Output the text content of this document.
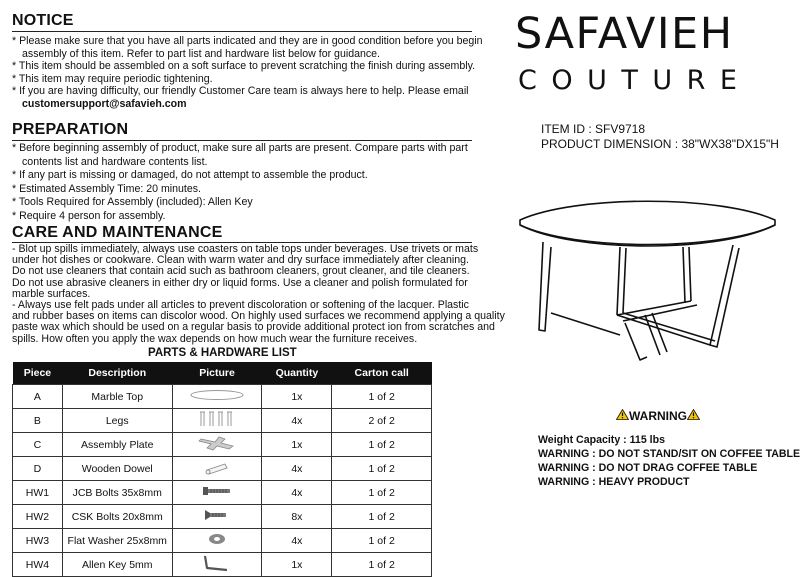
NOTICE
* Please make sure that you have all parts indicated and they are in good condition before you begin
assembly of this item. Refer to part list and hardware list below for guidance.
* This item should be assembled on a soft surface to prevent scratching the finish during assembly.
* This item may require periodic tightening.
* If you are having difficulty, our friendly Customer Care team is always here to help. Please email
customersupport@safavieh.com
PREPARATION
* Before beginning assembly of product, make sure all parts are present. Compare parts with part
contents list and hardware contents list.
* If any part is missing or damaged, do not attempt to assemble the product.
* Estimated Assembly Time: 20 minutes.
* Tools Required for Assembly (included): Allen Key
* Require 4 person for assembly.
CARE AND MAINTENANCE
- Blot up spills immediately, always use coasters on table tops under beverages. Use trivets or mats
under hot dishes or cookware. Clean with warm water and dry surface immediately after cleaning.
Do not use cleaners that contain acid such as bathroom cleaners, grout cleaner, and tile cleaners.
Do not use abrasive cleaners in either dry or liquid forms. Use a cleaner and polish formulated for
marble surfaces.
- Always use felt pads under all articles to prevent discoloration or softening of the lacquer. Plastic
and rubber bases on items can discolor wood. On highly used surfaces we recommend applying a quality
paste wax which should be used on a regular basis to provide additional protect ion from scratches and
spills. How often you apply the wax depends on how much wear the furniture receives.
PARTS & HARDWARE LIST
Piece	Description	Picture	Quantity	Carton call
A	Marble Top		1x	1 of 2
B	Legs		4x	2 of 2
C	Assembly Plate		1x	1 of 2
D	Wooden Dowel		4x	1 of 2
HW1	JCB Bolts 35x8mm		4x	1 of 2
HW2	CSK Bolts 20x8mm		8x	1 of 2
HW3	Flat Washer 25x8mm		4x	1 of 2
HW4	Allen Key 5mm		1x	1 of 2
SAFAVIEH
COUTURE
ITEM ID : SFV9718
PRODUCT DIMENSION : 38"WX38"DX15"H
WARNING
Weight Capacity : 115 lbs
WARNING : DO NOT STAND/SIT ON COFFEE TABLE
WARNING : DO NOT DRAG COFFEE TABLE
WARNING : HEAVY PRODUCT
